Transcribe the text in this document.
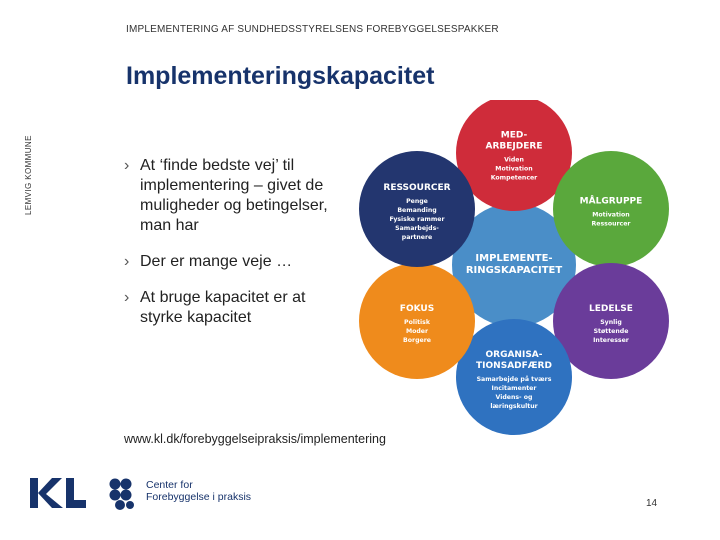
IMPLEMENTERING AF SUNDHEDSSTYRELSENS FOREBYGGELSESPAKKER
Implementeringskapacitet
LEMVIG KOMMUNE	› At ‘finde bedste vej’ til implementering – givet de muligheder og betingelser, man har
› Der er mange veje …
› At bruge kapacitet er at styrke kapacitet
IMPLEMENTE-
RINGSKAPACITET
MED-
ARBEJDERE
Viden
Motivation
Kompetencer
MÅLGRUPPE
Motivation
Ressourcer
LEDELSE
Synlig
Støttende
Interesser
ORGANISA-
TIONSADFÆRD
Samarbejde på tværs
Incitamenter
Videns- og
læringskultur
FOKUS
Politisk
Moder
Borgere
RESSOURCER
Penge
Bemanding
Fysiske rammer
Samarbejds-
partnere
www.kl.dk/forebyggelseipraksis/implementering
Center for
Forebyggelse i praksis
14
